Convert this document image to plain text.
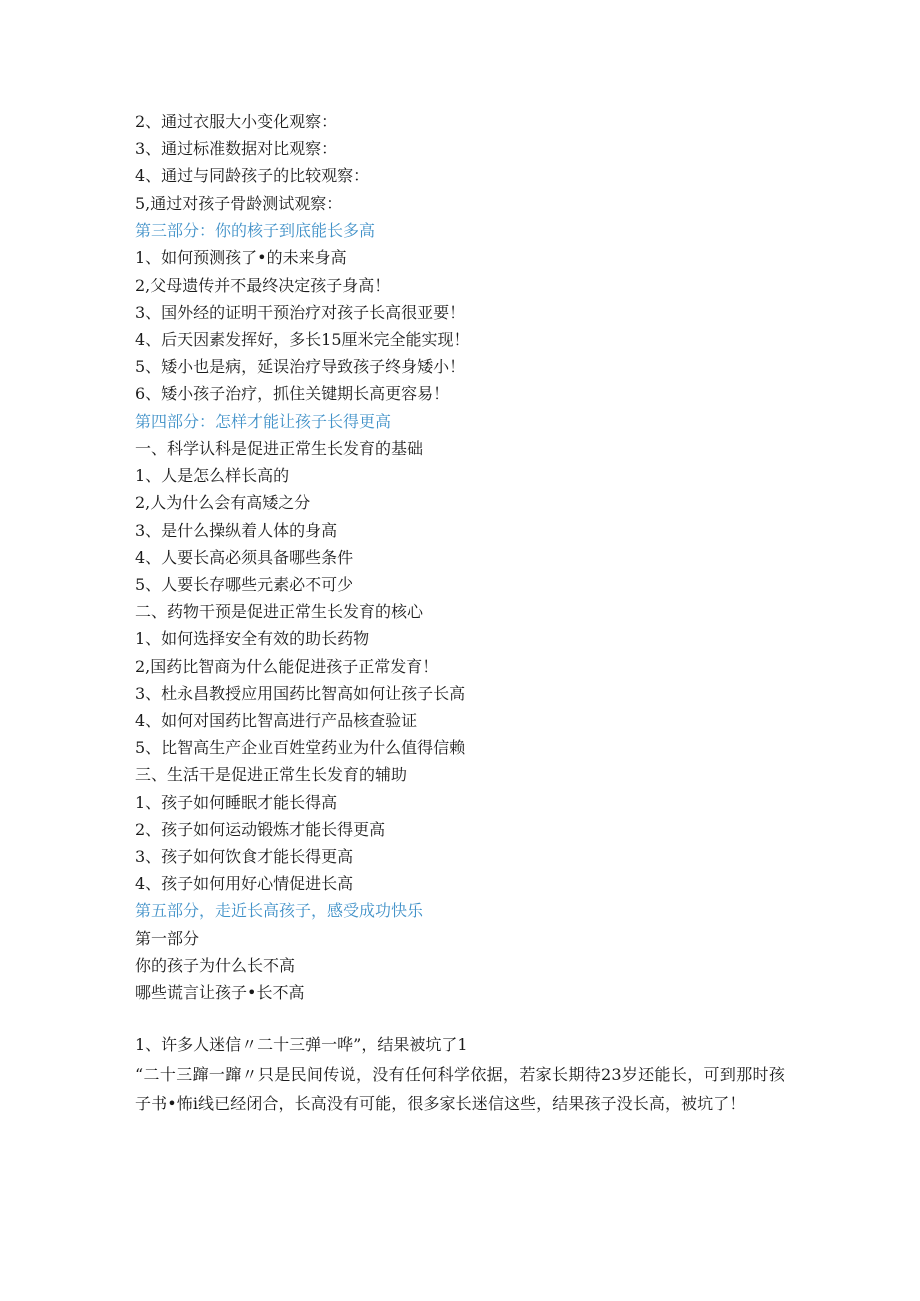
2、通过衣服大小变化观察：
3、通过标准数据对比观察：
4、通过与同龄孩子的比较观察：
5,通过对孩子骨龄测试观察：
第三部分：你的核子到底能长多高
1、如何预测孩了•的未来身高
2,父母遗传并不最终决定孩子身高！
3、国外经的证明干预治疗对孩子长高很亚要！
4、后天因素发挥好，多长15厘米完全能实现！
5、矮小也是病，延误治疗导致孩子终身矮小！
6、矮小孩子治疗，抓住关键期长高更容易！
第四部分：怎样才能让孩子长得更高
一、科学认科是促进正常生长发育的基础
1、人是怎么样长高的
2,人为什么会有高矮之分
3、是什么操纵着人体的身高
4、人要长高必须具备哪些条件
5、人要长存哪些元素必不可少
二、药物干预是促进正常生长发育的核心
1、如何选择安全有效的助长药物
2,国药比智商为什么能促进孩子正常发育！
3、杜永昌教授应用国药比智高如何让孩子长高
4、如何对国药比智高进行产品核查验证
5、比智高生产企业百姓堂药业为什么值得信赖
三、生活干是促进正常生长发育的辅助
1、孩子如何睡眠才能长得高
2、孩子如何运动锻炼才能长得更高
3、孩子如何饮食才能长得更高
4、孩子如何用好心情促进长高
第五部分，走近长高孩子，感受成功快乐
第一部分
你的孩子为什么长不高
哪些谎言让孩子•长不高
1、许多人迷信〃二十三弹一哗”，结果被坑了1
“二十三蹿一蹿〃只是民间传说，没有任何科学依据，若家长期待23岁还能长，可到那时孩子书•怖i线已经闭合，长高没有可能，很多家长迷信这些，结果孩子没长高，被坑了！
